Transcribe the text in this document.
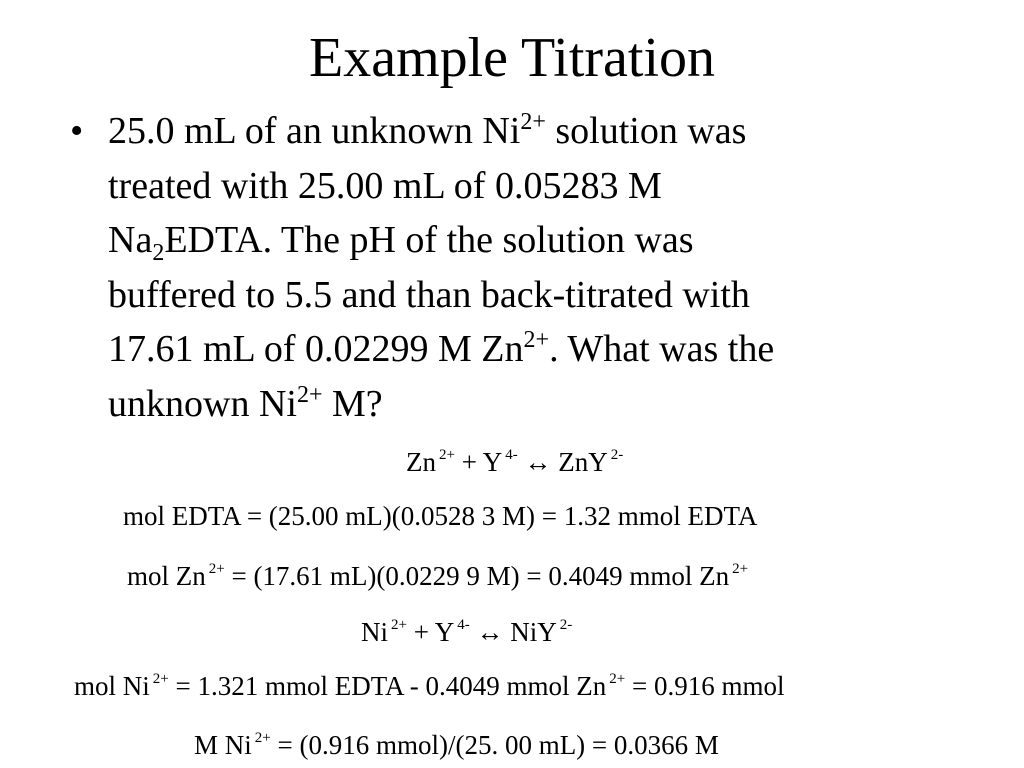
Example Titration
• 25.0 mL of an unknown $Ni^{2+}$ solution was
treated with 25.00 mL of 0.05283 M
$Na_2EDTA$. The pH of the solution was
buffered to 5.5 and than back-titrated with
17.61 mL of 0.02299 M $Zn^{2+}$. What was the
unknown $Ni^{2+}$ M?
Zn $^{2+}$ + Y $^{4-}$ ↔ ZnY $^{2-}$
mol EDTA = (25.00 mL)(0.0528 3 M) = 1.32 mmol EDTA
mol Zn $^{2+}$ = (17.61 mL)(0.0229 9 M) = 0.4049 mmol Zn $^{2+}$
Ni $^{2+}$ + Y $^{4-}$ ↔ NiY $^{2-}$
mol Ni $^{2+}$ = 1.321 mmol EDTA - 0.4049 mmol Zn $^{2+}$ = 0.916 mmol
M Ni $^{2+}$ = (0.916 mmol)/(25. 00 mL) = 0.0366 M
